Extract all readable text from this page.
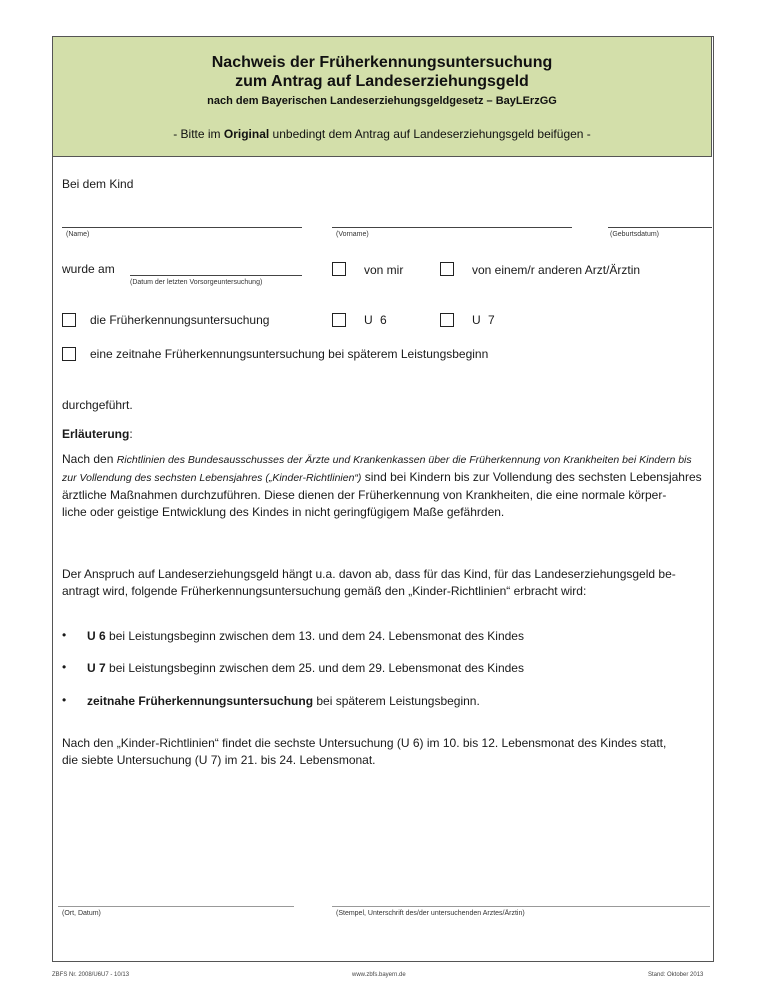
Nachweis der Früherkennungsuntersuchung
zum Antrag auf Landeserziehungsgeld
nach dem Bayerischen Landeserziehungsgeldgesetz – BayLErzGG
- Bitte im Original unbedingt dem Antrag auf Landeserziehungsgeld beifügen -
Bei dem Kind
(Name)	(Vorname)	(Geburtsdatum)
wurde am
(Datum der letzten Vorsorgeuntersuchung)
von mir	von einem/r anderen Arzt/Ärztin
die Früherkennungsuntersuchung	U 6	U 7
eine zeitnahe Früherkennungsuntersuchung bei späterem Leistungsbeginn
durchgeführt.
Erläuterung:
Nach den Richtlinien des Bundesausschusses der Ärzte und Krankenkassen über die Früherkennung von Krankheiten bei Kindern bis
zur Vollendung des sechsten Lebensjahres („Kinder-Richtlinien“) sind bei Kindern bis zur Vollendung des sechsten Lebensjahres
ärztliche Maßnahmen durchzuführen. Diese dienen der Früherkennung von Krankheiten, die eine normale körper-
liche oder geistige Entwicklung des Kindes in nicht geringfügigem Maße gefährden.
Der Anspruch auf Landeserziehungsgeld hängt u.a. davon ab, dass für das Kind, für das Landeserziehungsgeld be-
antragt wird, folgende Früherkennungsuntersuchung gemäß den „Kinder-Richtlinien“ erbracht wird:
• U 6 bei Leistungsbeginn zwischen dem 13. und dem 24. Lebensmonat des Kindes
• U 7 bei Leistungsbeginn zwischen dem 25. und dem 29. Lebensmonat des Kindes
• zeitnahe Früherkennungsuntersuchung bei späterem Leistungsbeginn.
Nach den „Kinder-Richtlinien“ findet die sechste Untersuchung (U 6) im 10. bis 12. Lebensmonat des Kindes statt,
die siebte Untersuchung (U 7) im 21. bis 24. Lebensmonat.
(Ort, Datum)	(Stempel, Unterschrift des/der untersuchenden Arztes/Ärztin)
ZBFS Nr. 2008/U6U7 - 10/13	www.zbfs.bayern.de	Stand: Oktober 2013
